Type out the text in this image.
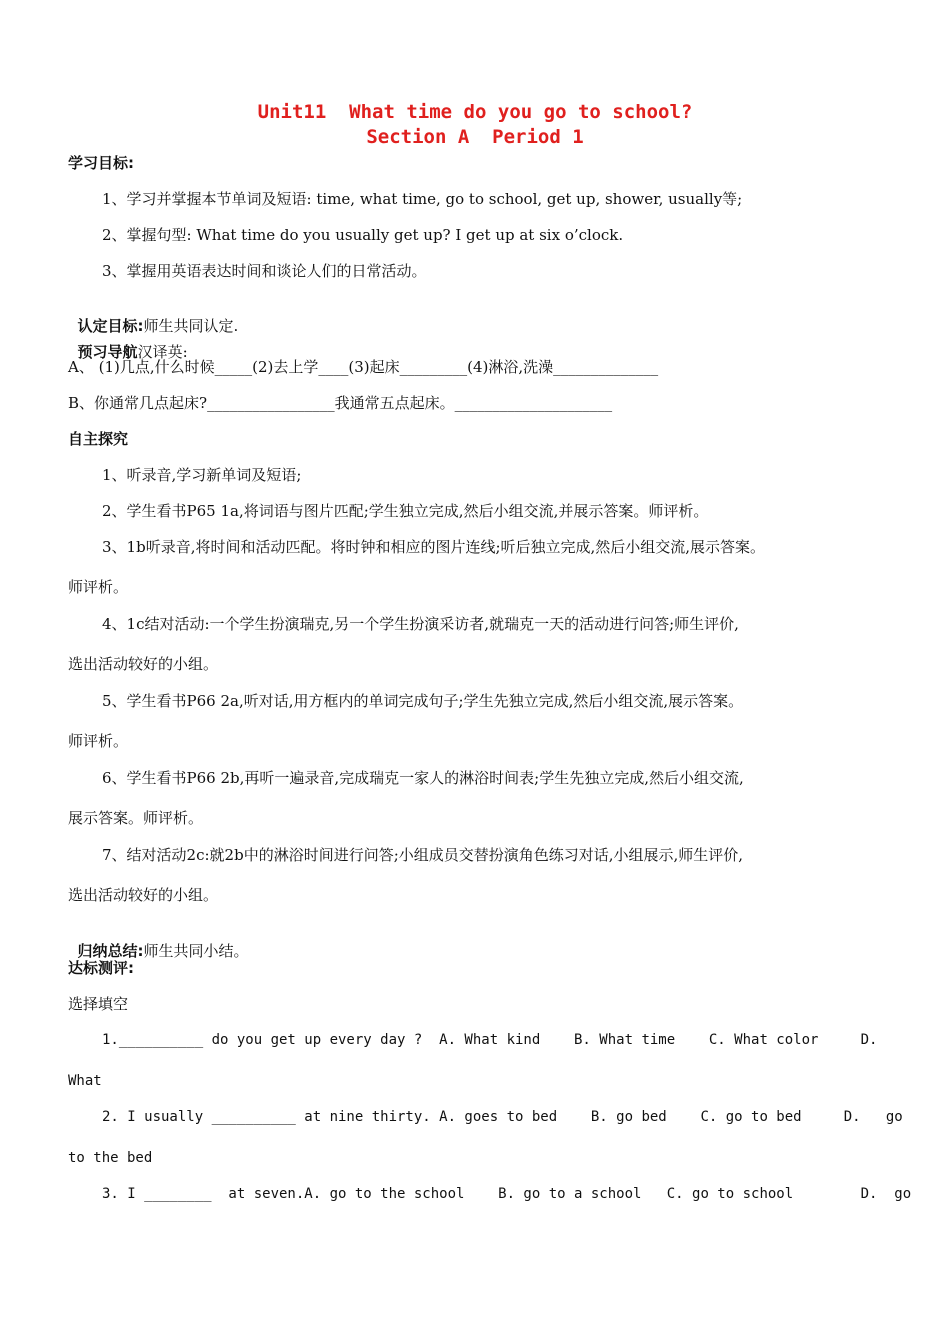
Unit11  What time do you go to school?
Section A  Period 1
学习目标:
1、学习并掌握本节单词及短语: time, what time, go to school, get up, shower, usually等;
2、掌握句型: What time do you usually get up? I get up at six o’clock.
3、掌握用英语表达时间和谈论人们的日常活动。

认定目标:师生共同认定.

预习导航汉译英:

A、 (1)几点,什么时候_____(2)去上学____(3)起床_________(4)淋浴,洗澡______________
B、你通常几点起床?_________________我通常五点起床。_____________________
自主探究
1、听录音,学习新单词及短语;
2、学生看书P65 1a,将词语与图片匹配;学生独立完成,然后小组交流,并展示答案。师评析。
3、1b听录音,将时间和活动匹配。将时钟和相应的图片连线;听后独立完成,然后小组交流,展示答案。
师评析。
4、1c结对活动:一个学生扮演瑞克,另一个学生扮演采访者,就瑞克一天的活动进行问答;师生评价,
选出活动较好的小组。
5、学生看书P66 2a,听对话,用方框内的单词完成句子;学生先独立完成,然后小组交流,展示答案。
师评析。
6、学生看书P66 2b,再听一遍录音,完成瑞克一家人的淋浴时间表;学生先独立完成,然后小组交流,
展示答案。师评析。
7、结对活动2c:就2b中的淋浴时间进行问答;小组成员交替扮演角色练习对话,小组展示,师生评价,
选出活动较好的小组。

归纳总结:师生共同小结。

达标测评:
选择填空
1.__________ do you get up every day ?  A. What kind    B. What time    C. What color     D.
What
2. I usually __________ at nine thirty. A. goes to bed    B. go bed    C. go to bed     D.   go
to the bed
3. I ________  at seven.A. go to the school    B. go to a school   C. go to school        D.  go
